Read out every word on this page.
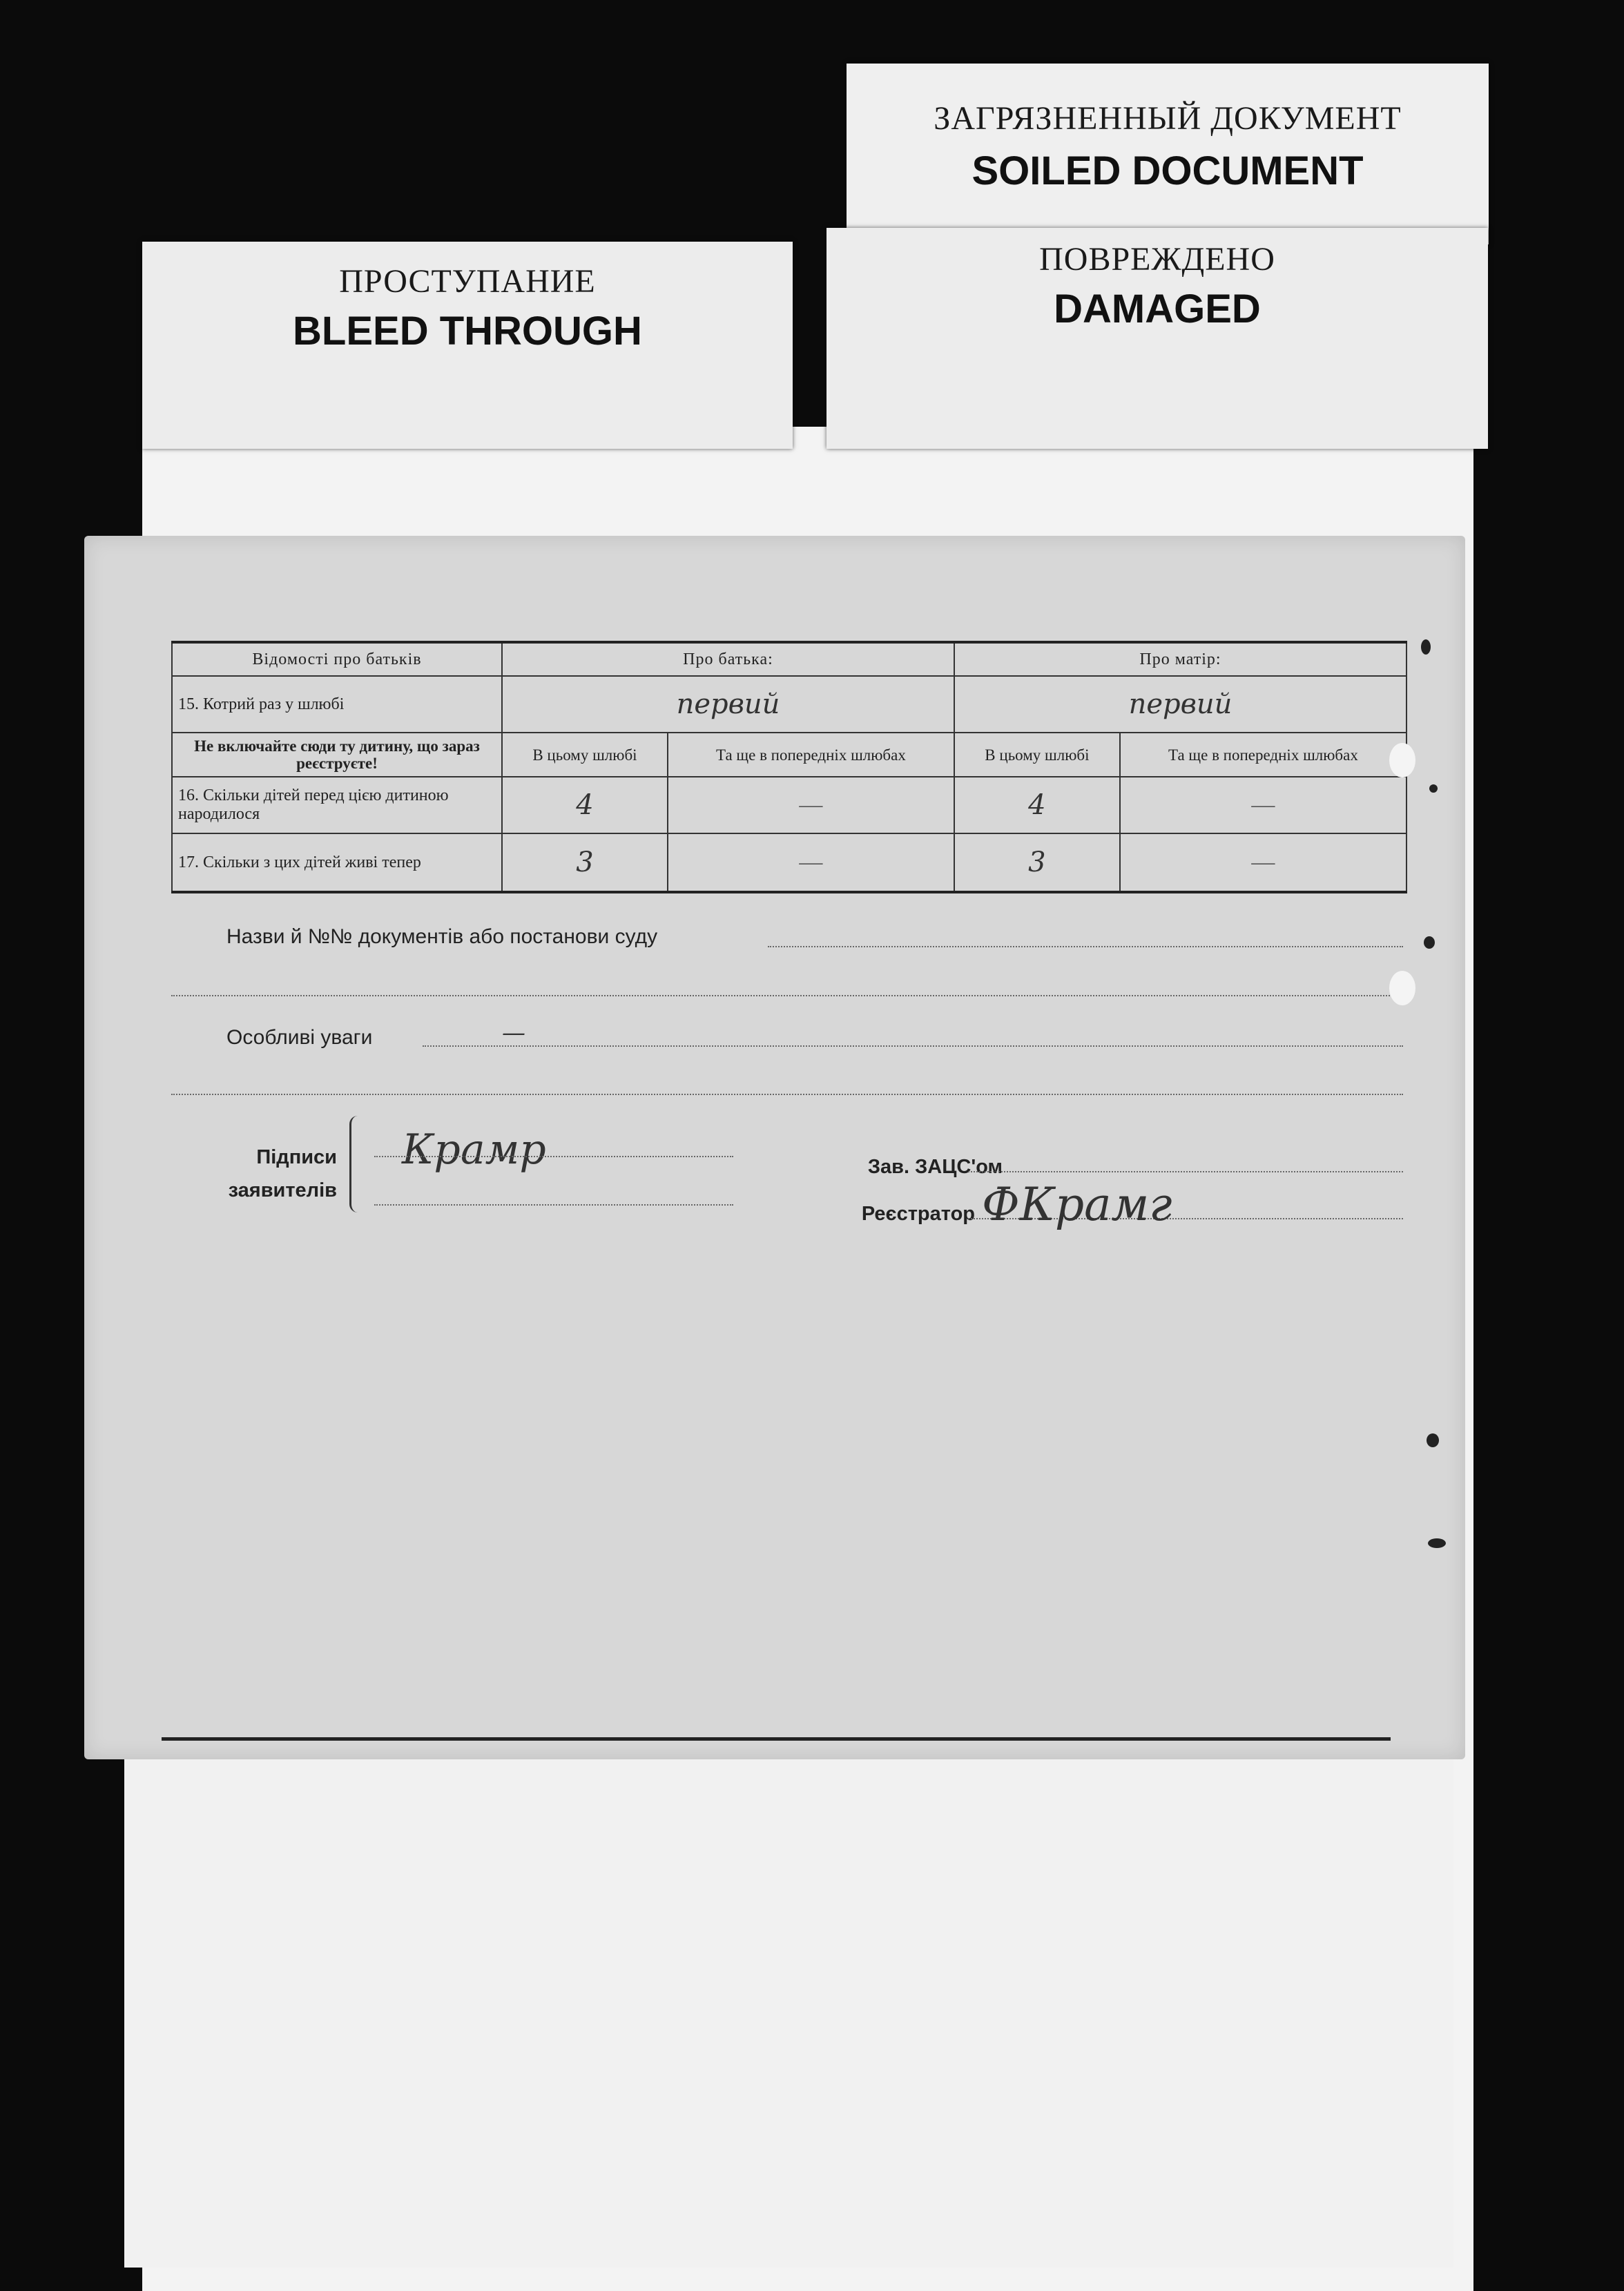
ЗАГРЯЗНЕННЫЙ ДОКУМЕНТ
SOILED DOCUMENT
ПРОСТУПАНИЕ
BLEED THROUGH
ПОВРЕЖДЕНО
DAMAGED
Відомості про батьків	Про батька:		Про матір:	
15. Котрий раз у шлюбі	первий		первий	
Не включайте сюди ту дитину, що зараз реєструєте!	В цьому шлюбі	Та ще в попередніх шлюбах	В цьому шлюбі	Та ще в попередніх шлюбах
16. Скільки дітей перед цією дитиною народилося	4	—	4	—
17. Скільки з цих дітей живі тепер	3	—	3	—
Назви й №№ документів або постанови суду
Особливі уваги	—
Підписи
заявителів
Крамр	Зав. ЗАЦС'ом
Реєстратор ФКрамг
